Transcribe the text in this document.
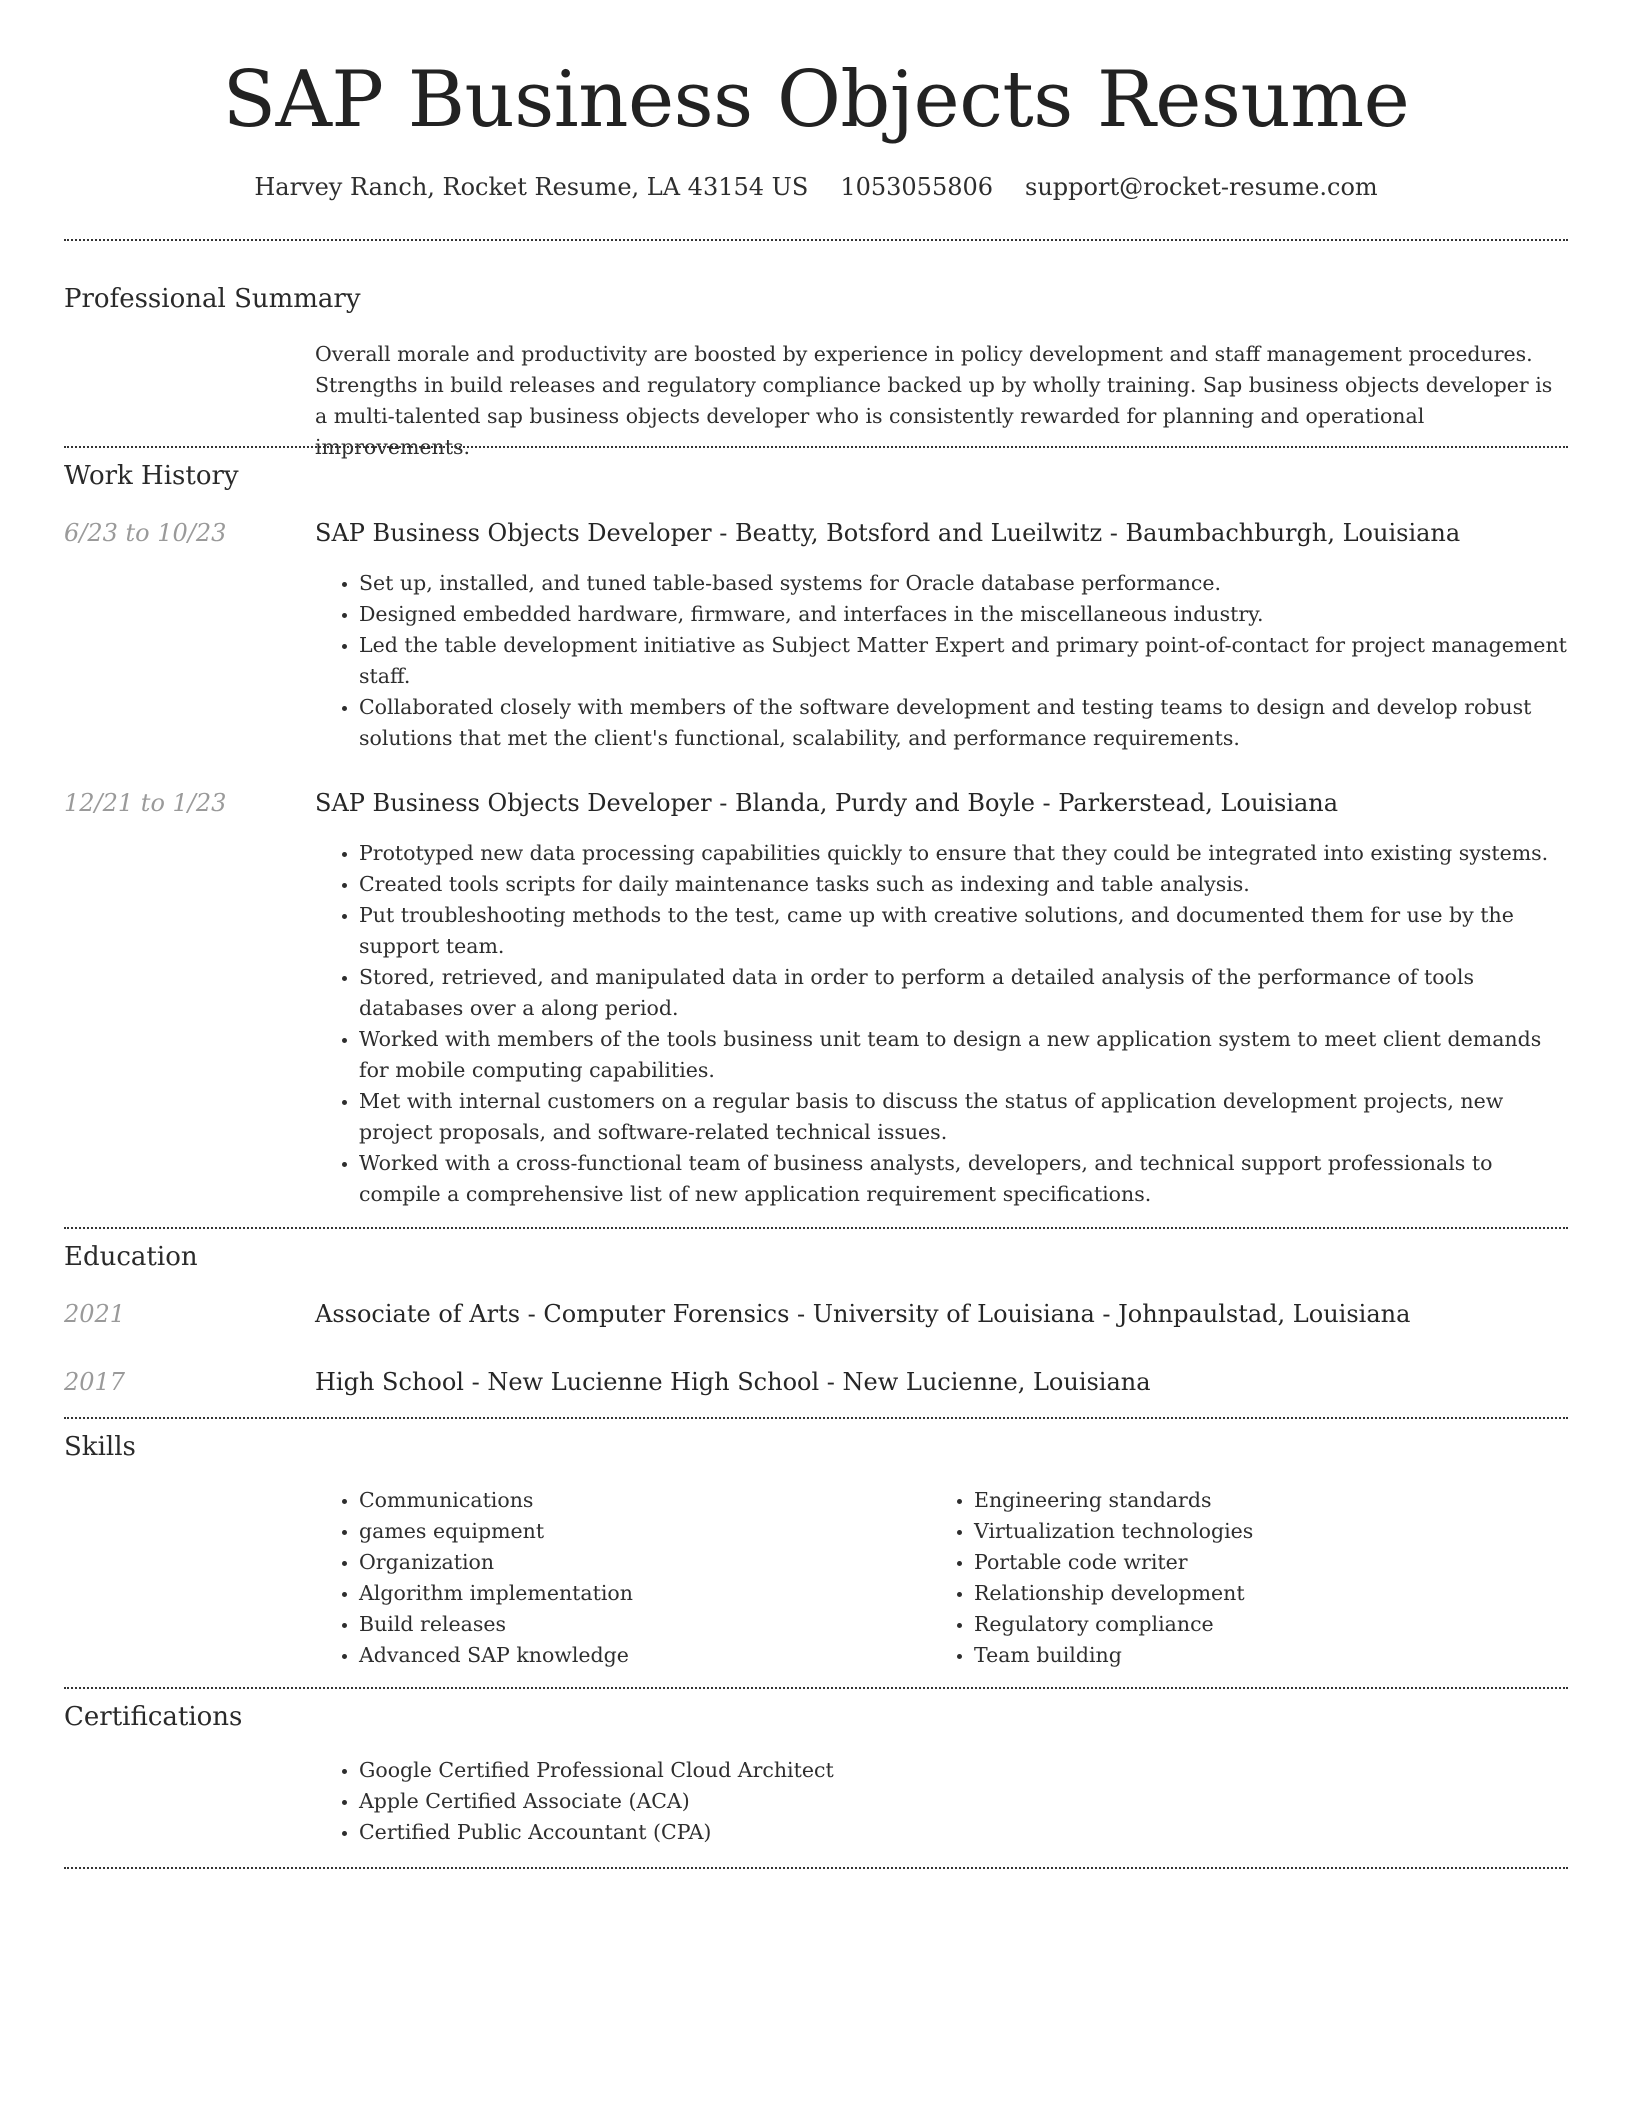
SAP Business Objects Resume
Harvey Ranch, Rocket Resume, LA 43154 US 1053055806 support@rocket-resume.com
Professional Summary
Overall morale and productivity are boosted by experience in policy development and staff management procedures. Strengths in build releases and regulatory compliance backed up by wholly training. Sap business objects developer is a multi-talented sap business objects developer who is consistently rewarded for planning and operational improvements.
Work History
6/23 to 10/23	SAP Business Objects Developer - Beatty, Botsford and Lueilwitz - Baumbachburgh, Louisiana
• Set up, installed, and tuned table-based systems for Oracle database performance.
• Designed embedded hardware, firmware, and interfaces in the miscellaneous industry.
• Led the table development initiative as Subject Matter Expert and primary point-of-contact for project management staff.
• Collaborated closely with members of the software development and testing teams to design and develop robust solutions that met the client's functional, scalability, and performance requirements.
12/21 to 1/23	SAP Business Objects Developer - Blanda, Purdy and Boyle - Parkerstead, Louisiana
• Prototyped new data processing capabilities quickly to ensure that they could be integrated into existing systems.
• Created tools scripts for daily maintenance tasks such as indexing and table analysis.
• Put troubleshooting methods to the test, came up with creative solutions, and documented them for use by the support team.
• Stored, retrieved, and manipulated data in order to perform a detailed analysis of the performance of tools databases over a along period.
• Worked with members of the tools business unit team to design a new application system to meet client demands for mobile computing capabilities.
• Met with internal customers on a regular basis to discuss the status of application development projects, new project proposals, and software-related technical issues.
• Worked with a cross-functional team of business analysts, developers, and technical support professionals to compile a comprehensive list of new application requirement specifications.
Education
2021	Associate of Arts - Computer Forensics - University of Louisiana - Johnpaulstad, Louisiana
2017	High School - New Lucienne High School - New Lucienne, Louisiana
Skills
• Communications
• games equipment
• Organization
• Algorithm implementation
• Build releases
• Advanced SAP knowledge
• Engineering standards
• Virtualization technologies
• Portable code writer
• Relationship development
• Regulatory compliance
• Team building
Certifications
• Google Certified Professional Cloud Architect
• Apple Certified Associate (ACA)
• Certified Public Accountant (CPA)
